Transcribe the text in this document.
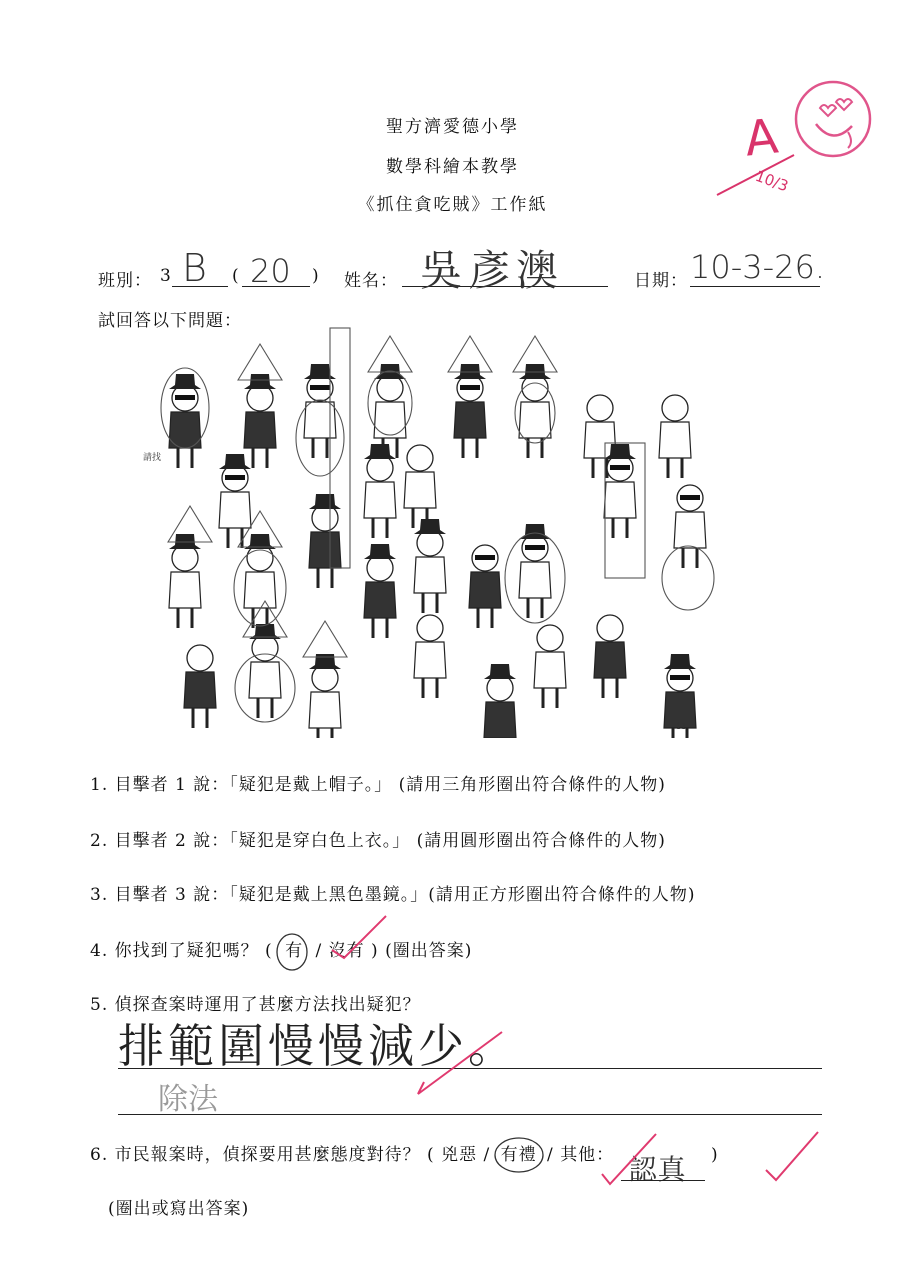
聖方濟愛德小學
數學科繪本教學
《抓住貪吃賊》工作紙
A
10/3
班別： 3 B ( 20 ) 姓名： 吳彥澳	日期： 10-3-26.
試回答以下問題：
請找
11
1. 目擊者 1 說：「疑犯是戴上帽子。」 (請用三角形圈出符合條件的人物)
2. 目擊者 2 說：「疑犯是穿白色上衣。」 (請用圓形圈出符合條件的人物)
3. 目擊者 3 說：「疑犯是戴上黑色墨鏡。」(請用正方形圈出符合條件的人物)
4. 你找到了疑犯嗎？ ( 有 / 沒有 ) (圈出答案)
5. 偵探查案時運用了甚麼方法找出疑犯？
排範圍慢慢減少。
除法
6. 市民報案時，偵探要用甚麼態度對待？ ( 兇惡 / 有禮 / 其他： 認真 )
(圈出或寫出答案)
